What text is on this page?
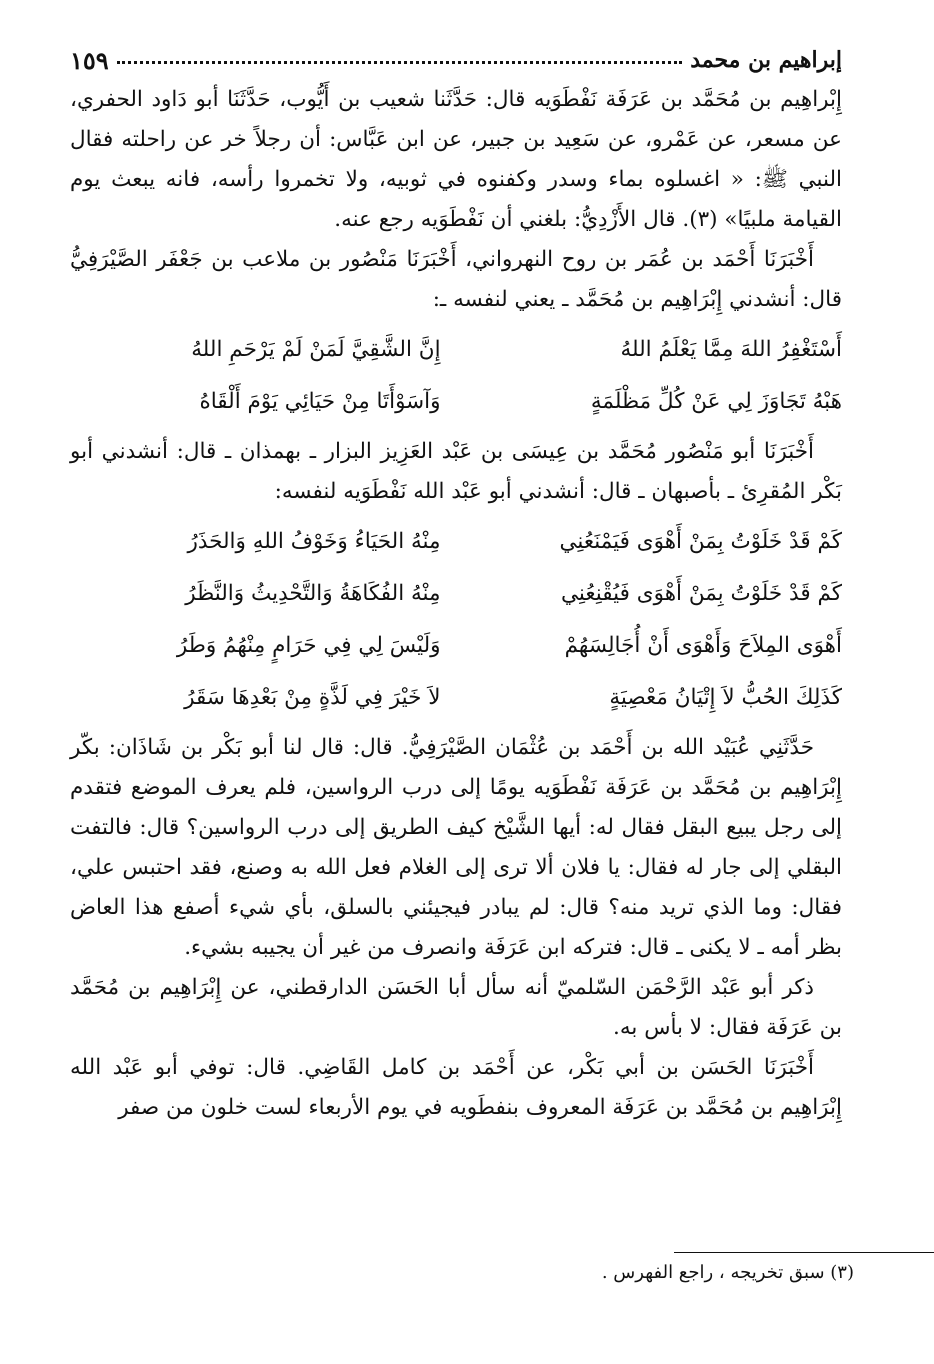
إبراهيم بن محمد
١٥٩

إِبْراهِيم بن مُحَمَّد بن عَرَفَة نَفْطَوَيه قال: حَدَّثَنا شعيب بن أَيُّوب، حَدَّثَنَا أبو دَاود الحفري، عن مسعر، عن عَمْرو، عن سَعِيد بن جبير، عن ابن عَبَّاس: أن رجلاً خر عن راحلته فقال النبي ﷺ: « اغسلوه بماء وسدر وكفنوه في ثوبيه، ولا تخمروا رأسه، فانه يبعث يوم القيامة ملبيًا» (٣). قال الأَزْدِيُّ: بلغني أن نَفْطَوَيه رجع عنه.

أَخْبَرَنَا أَحْمَد بن عُمَر بن روح النهرواني، أَخْبَرَنَا مَنْصُور بن ملاعب بن جَعْفَر الصَّيْرَفِيُّ قال: أنشدني إِبْرَاهِيم بن مُحَمَّد ـ يعني لنفسه ـ:

أَسْتَغْفِرُ اللهَ مِمَّا يَعْلَمُ اللهُ
إِنَّ الشَّقِيَّ لَمَنْ لَمْ يَرْحَمِ اللهُ
هَبْهُ تَجَاوَزَ لِي عَنْ كُلِّ مَظْلَمَةٍ
وَآسَوْأَتَا مِنْ حَيَائِي يَوْمَ أَلْقَاهُ

أَخْبَرَنَا أبو مَنْصُور مُحَمَّد بن عِيسَى بن عَبْد العَزِيز البزار ـ بهمذان ـ قال: أنشدني أبو بَكْر المُقرِئ ـ بأصبهان ـ قال: أنشدني أبو عَبْد الله نَفْطَوَيه لنفسه:

كَمْ قَدْ خَلَوْتُ بِمَنْ أَهْوَى فَيَمْنَعُنِي
مِنْهُ الحَيَاءُ وَخَوْفُ اللهِ وَالحَذَرُ
كَمْ قَدْ خَلَوْتُ بِمَنْ أَهْوَى فَيُقْنِعُنِي
مِنْهُ الفُكَاهَةُ وَالتَّحْدِيثُ وَالنَّظَرُ
أَهْوَى المِلاَحَ وَأَهْوَى أَنْ أُجَالِسَهُمْ
وَلَيْسَ لِي فِي حَرَامٍ مِنْهُمُ وَطَرُ
كَذَلِكَ الحُبُّ لاَ إِتْيَانُ مَعْصِيَةٍ
لاَ خَيْرَ فِي لَذَّةٍ مِنْ بَعْدِهَا سَقَرُ

حَدَّثَنِي عُبَيْد الله بن أَحْمَد بن عُثْمَان الصَّيْرَفِيُّ. قال: قال لنا أبو بَكْر بن شَاذَان: بكّر إِبْرَاهِيم بن مُحَمَّد بن عَرَفَة نَفْطَوَيه يومًا إلى درب الرواسين، فلم يعرف الموضع فتقدم إلى رجل يبيع البقل فقال له: أيها الشَّيْخ كيف الطريق إلى درب الرواسين؟ قال: فالتفت البقلي إلى جار له فقال: يا فلان ألا ترى إلى الغلام فعل الله به وصنع، فقد احتبس علي، فقال: وما الذي تريد منه؟ قال: لم يبادر فيجيئني بالسلق، بأي شيء أصفع هذا العاض بظر أمه ـ لا يكنى ـ قال: فتركه ابن عَرَفَة وانصرف من غير أن يجيبه بشيء.

ذكر أبو عَبْد الرَّحْمَن السّلميّ أنه سأل أبا الحَسَن الدارقطني، عن إِبْرَاهِيم بن مُحَمَّد بن عَرَفَة فقال: لا بأس به.

أَخْبَرَنَا الحَسَن بن أبي بَكْر، عن أَحْمَد بن كامل القَاضِي. قال: توفي أبو عَبْد الله إِبْرَاهِيم بن مُحَمَّد بن عَرَفَة المعروف بنفطَويه في يوم الأربعاء لست خلون من صفر

(٣) سبق تخريجه ، راجع الفهرس .
